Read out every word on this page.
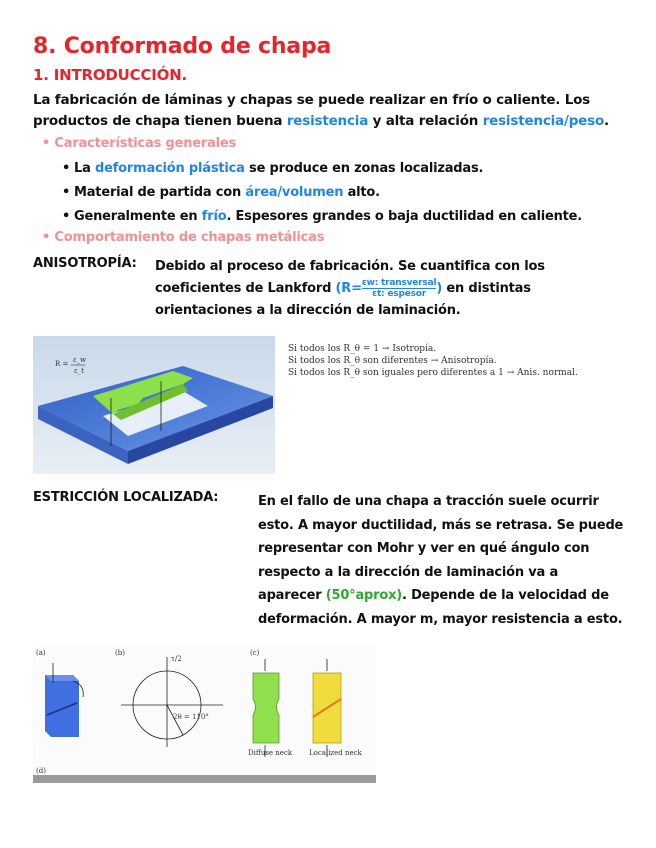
8. Conformado de chapa
1. INTRODUCCIÓN.
La fabricación de láminas y chapas se puede realizar en frío o caliente. Los
productos de chapa tienen buena resistencia y alta relación resistencia/peso.
• Características generales
• La deformación plástica se produce en zonas localizadas.
• Material de partida con área/volumen alto.
• Generalmente en frío. Espesores grandes o baja ductilidad en caliente.
• Comportamiento de chapas metálicas
ANISOTROPÍA: Debido al proceso de fabricación. Se cuantifica con los
coeficientes de Lankford (R= εw: transversal
εt: espesor ) en distintas
orientaciones a la dirección de laminación.
R = ε_w
ε_t
Si todos los R_θ = 1 → Isotropía.
Si todos los R_θ son diferentes → Anisotropía.
Si todos los R_θ son iguales pero diferentes a 1 → Anis. normal.
ESTRICCIÓN LOCALIZADA:	En el fallo de una chapa a tracción suele ocurrir
esto. A mayor ductilidad, más se retrasa. Se puede
representar con Mohr y ver en qué ángulo con
respecto a la dirección de laminación va a
aparecer (50°aprox). Depende de la velocidad de
deformación. A mayor m, mayor resistencia a esto.
(a)	(b)
τ/2
2θ = 110°
(c)
Diffuse neck Localized neck
(d)
